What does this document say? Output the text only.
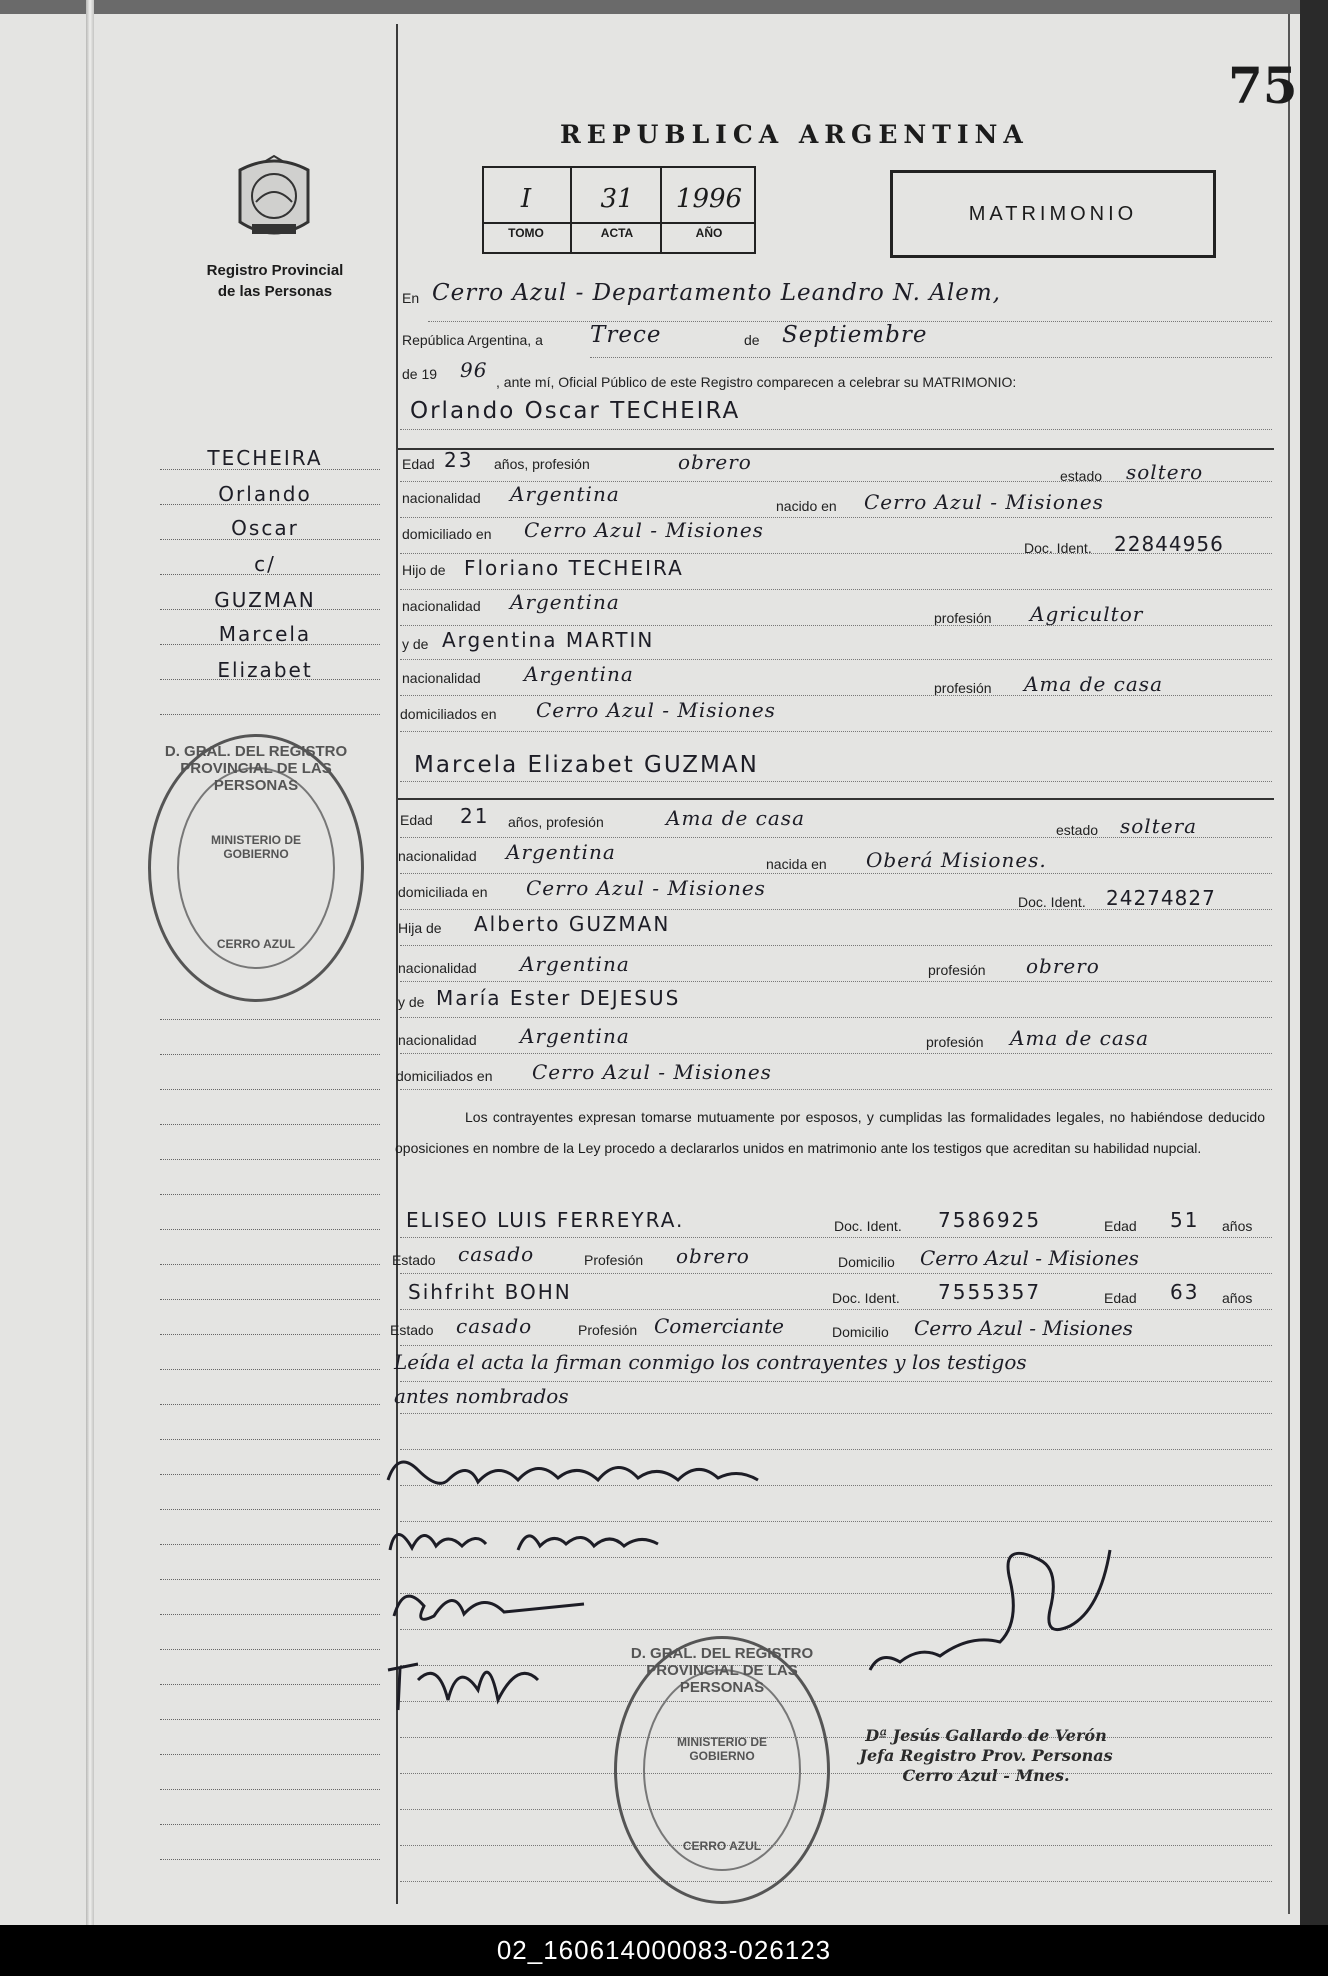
75
REPUBLICA ARGENTINA
Registro Provincial
de las Personas
I
TOMO
31
ACTA
1996
AÑO
MATRIMONIO
TECHEIRA
Orlando
Oscar
c/
GUZMAN
Marcela
Elizabet
D. GRAL. DEL REGISTRO PROVINCIAL DE LAS PERSONAS
MINISTERIO DE GOBIERNO
CERRO AZUL
En Cerro Azul - Departamento Leandro N. Alem,
República Argentina, a Trece	de Septiembre
de 19 96 , ante mí, Oficial Público de este Registro comparecen a celebrar su MATRIMONIO:
Orlando Oscar TECHEIRA
Edad 23 años, profesión	obrero
estado soltero
nacionalidad Argentina	nacido en Cerro Azul - Misiones
domiciliado en Cerro Azul - Misiones
Doc. Ident. 22844956
Hijo de Floriano TECHEIRA
nacionalidad Argentina
profesión Agricultor
y de Argentina MARTIN
nacionalidad Argentina
profesión Ama de casa
domiciliados en Cerro Azul - Misiones
Marcela Elizabet GUZMAN
Edad 21 años, profesión	Ama de casa	estado soltera
nacionalidad Argentina	nacida en Oberá Misiones.
domiciliada en Cerro Azul - Misiones
Doc. Ident. 24274827
Hija de Alberto GUZMAN
nacionalidad Argentina	profesión obrero
y de María Ester DEJESUS
nacionalidad Argentina	profesión Ama de casa
domiciliados en Cerro Azul - Misiones
Los contrayentes expresan tomarse mutuamente por esposos, y cumplidas las formalidades legales, no habiéndose deducido oposiciones en nombre de la Ley procedo a declararlos unidos en matrimonio ante los testigos que acreditan su habilidad nupcial.
ELISEO LUIS FERREYRA.	Doc. Ident. 7586925	Edad 51 años
Estado casado	Profesión obrero	Domicilio Cerro Azul - Misiones
Sihfriht BOHN	Doc. Ident. 7555357	Edad 63 años
Estado casado	Profesión Comerciante	Domicilio Cerro Azul - Misiones
Leída el acta la firman conmigo los contrayentes y los testigos
antes nombrados
D. GRAL. DEL REGISTRO PROVINCIAL DE LAS PERSONAS
MINISTERIO DE GOBIERNO
CERRO AZUL
Dª Jesús Gallardo de Verón
Jefa Registro Prov. Personas
Cerro Azul - Mnes.
02_160614000083-026123
